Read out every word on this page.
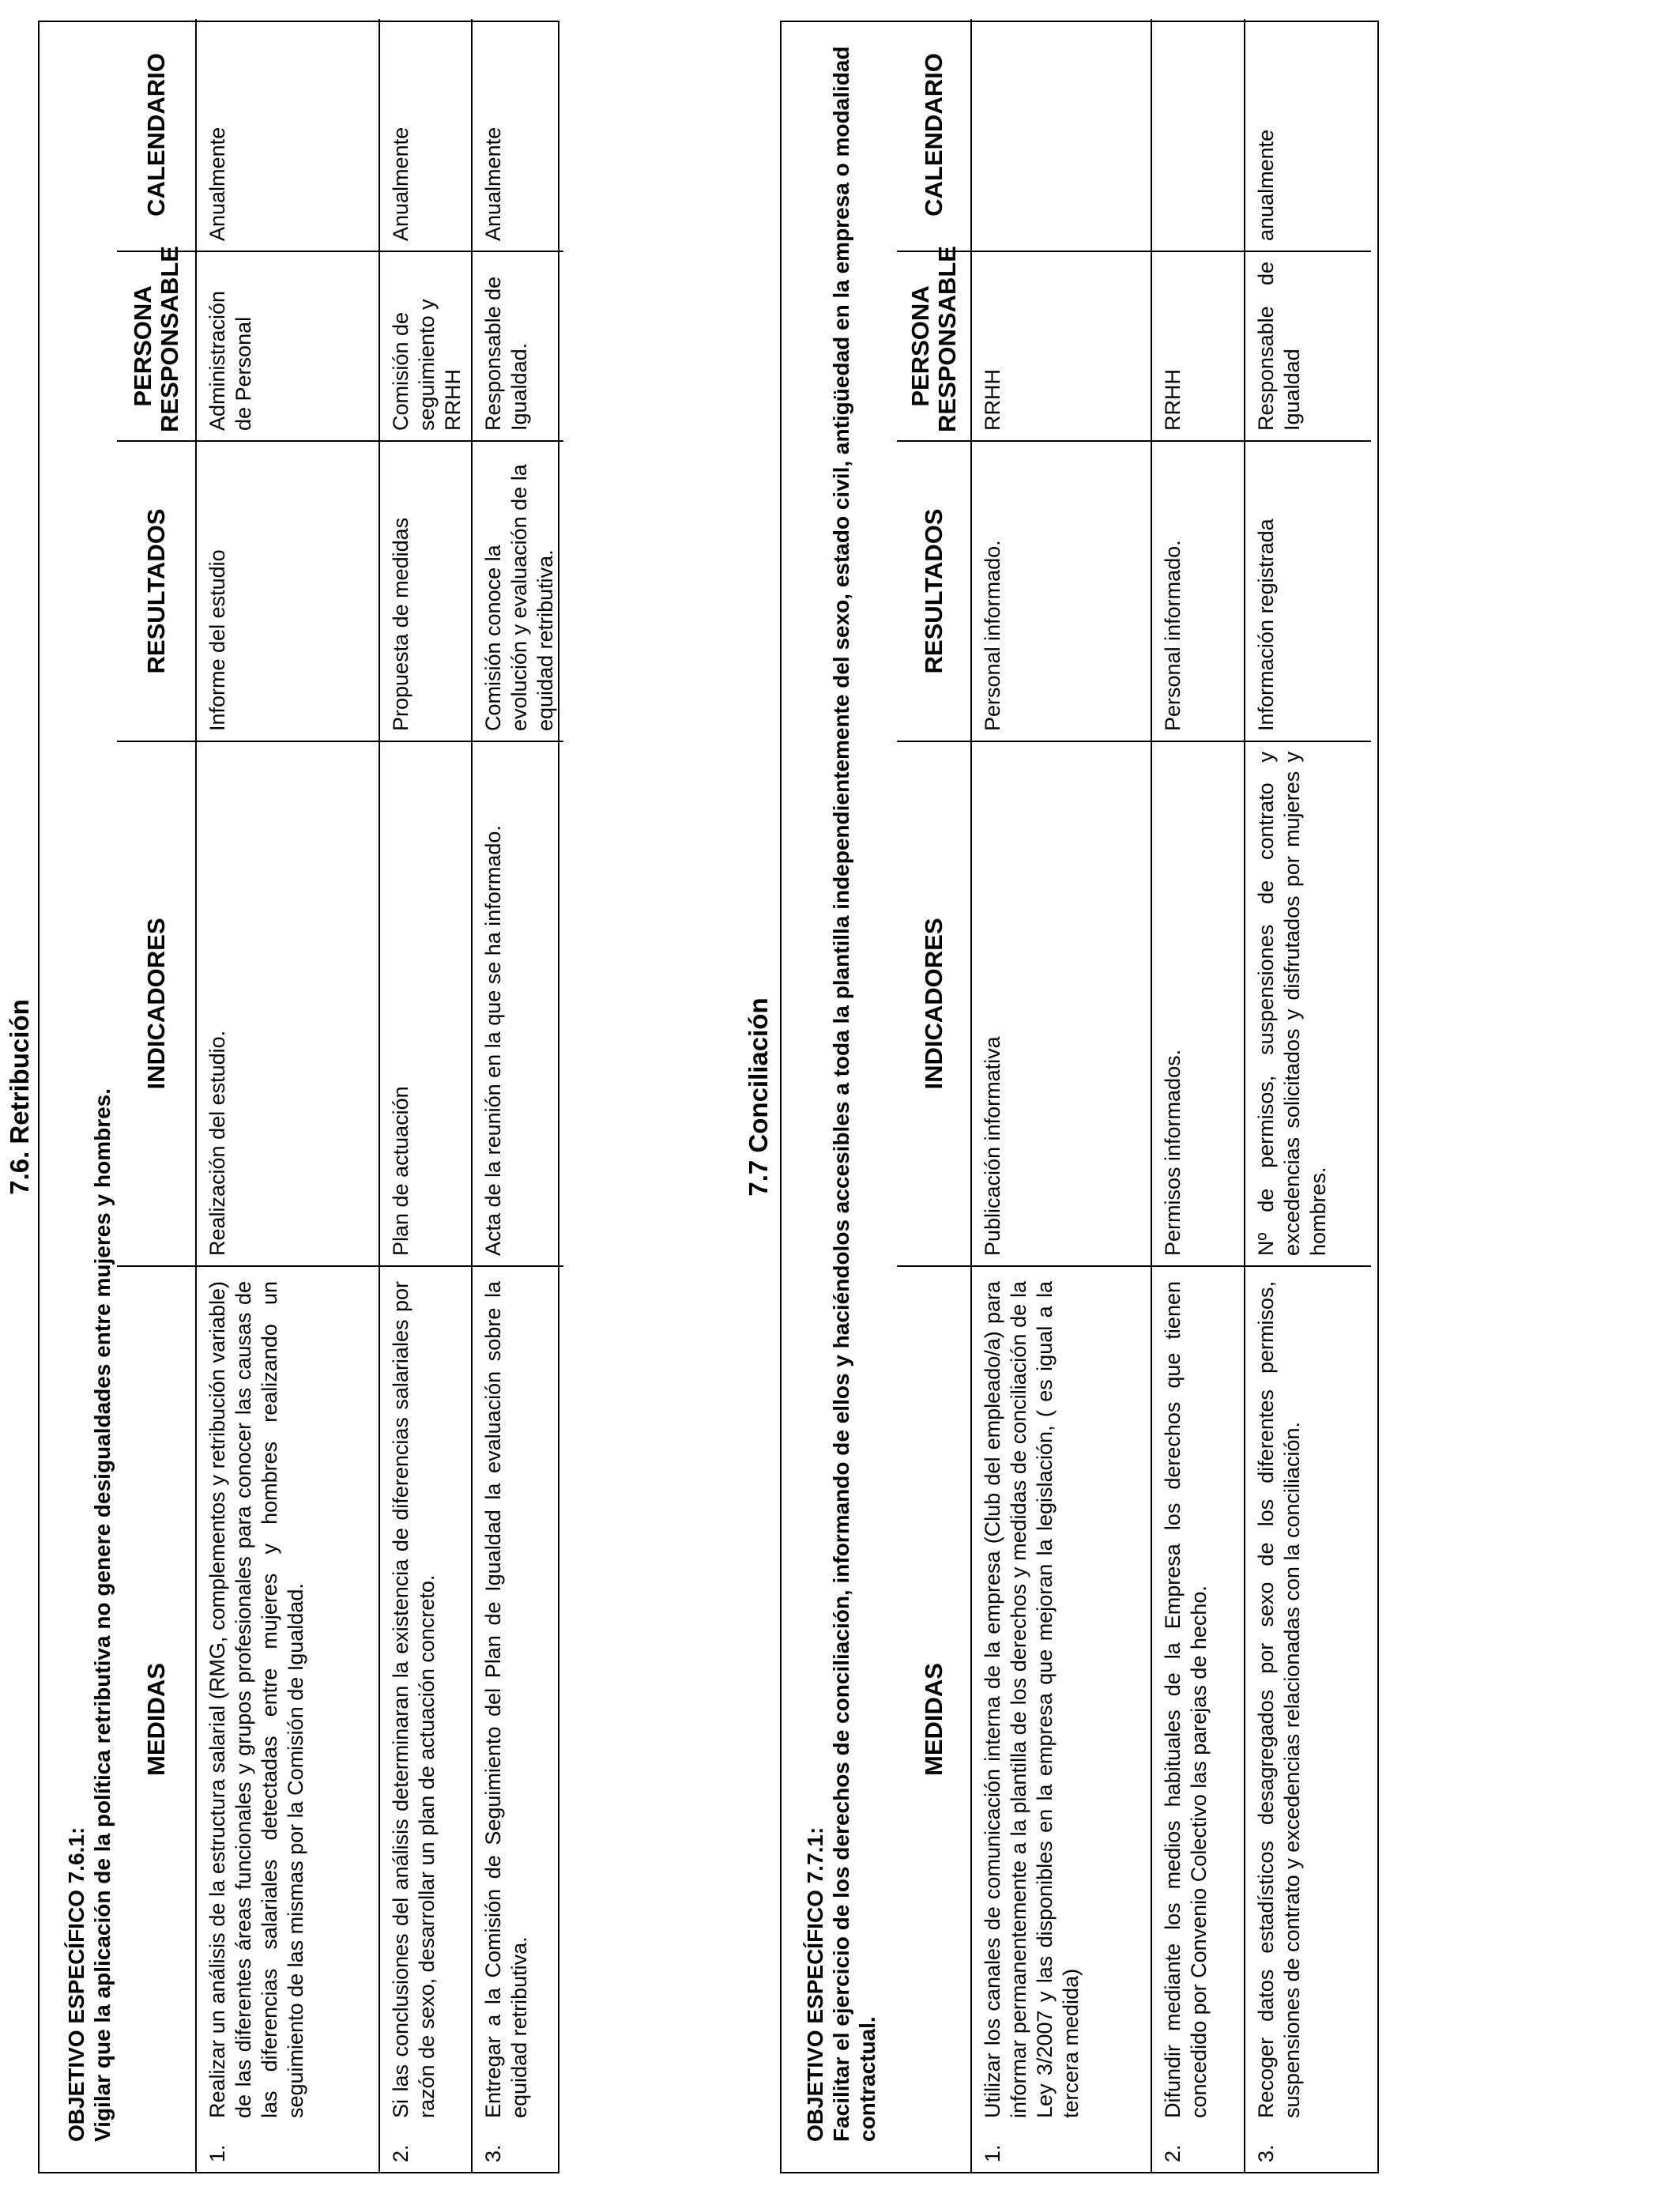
7.6. Retribución
OBJETIVO ESPECÍFICO 7.6.1: Vigilar que la aplicación de la política retributiva no genere desigualdades entre mujeres y hombres. MEDIDAS	INDICADORES	RESULTADOS	PERSONA RESPONSABLE	CALENDARIO
1.Realizar un análisis de la estructura salarial (RMG, complementos y retribución variable) de las diferentes áreas funcionales y grupos profesionales para conocer las causas de las diferencias salariales detectadas entre mujeres y hombres realizando un seguimiento de las mismas por la Comisión de Igualdad.	Realización del estudio.	Informe del estudio	Administración de Personal	Anualmente
2.Si las conclusiones del análisis determinaran la existencia de diferencias salariales por razón de sexo, desarrollar un plan de actuación concreto.	Plan de actuación	Propuesta de medidas	Comisión de seguimiento y RRHH	Anualmente
3.Entregar a la Comisión de Seguimiento del Plan de Igualdad la evaluación sobre la equidad retributiva.	Acta de la reunión en la que se ha informado.	Comisión conoce la evolución y evaluación de la equidad retributiva.	Responsable de Igualdad.	Anualmente
7.7 Conciliación
OBJETIVO ESPECÍFICO 7.7.1: Facilitar el ejercicio de los derechos de conciliación, informando de ellos y haciéndolos accesibles a toda la plantilla independientemente del sexo, estado civil, antigüedad en la empresa o modalidad contractual.
MEDIDAS	INDICADORES	RESULTADOS	PERSONA RESPONSABLE	CALENDARIO
1.Utilizar los canales de comunicación interna de la empresa (Club del empleado/a) para informar permanentemente a la plantilla de los derechos y medidas de conciliación de la Ley 3/2007 y las disponibles en la empresa que mejoran la legislación, ( es igual a la tercera medida)	Publicación informativa	Personal informado.	RRHH	
2.Difundir mediante los medios habituales de la Empresa los derechos que tienen concedido por Convenio Colectivo las parejas de hecho.	Permisos informados.	Personal informado.	RRHH	
3.Recoger datos estadísticos desagregados por sexo de los diferentes permisos, suspensiones de contrato y excedencias relacionadas con la conciliación.	Nº de permisos, suspensiones de contrato y excedencias solicitados y disfrutados por mujeres y hombres.	Información registrada	Responsable de Igualdad	anualmente
